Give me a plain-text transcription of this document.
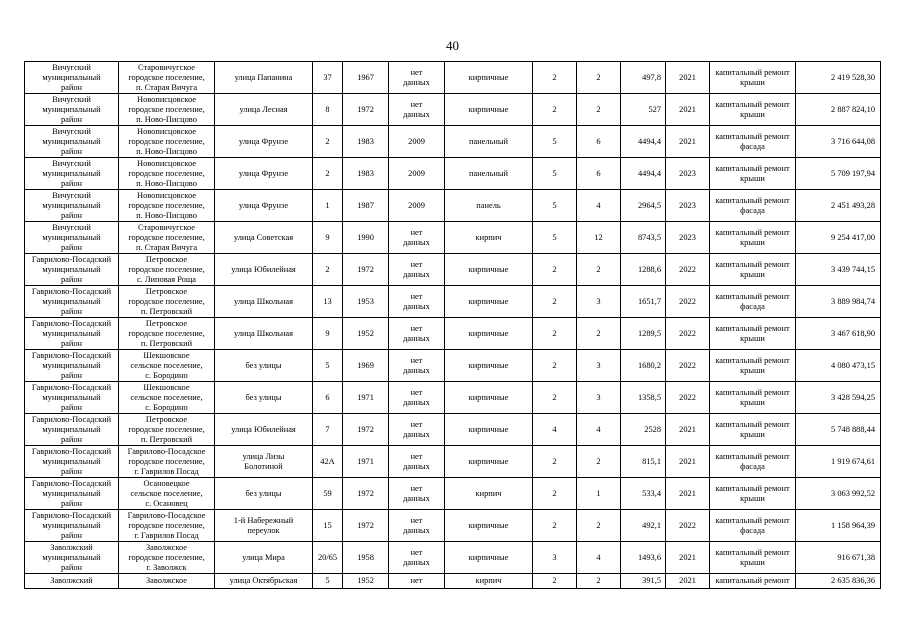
40
Вичугский
муниципальный
район	Старовичугское
городское поселение,
п. Старая Вичуга	улица Папанина	37	1967	нет
данных	кирпичные	2	2	497,8	2021	капитальный ремонт
крыши	2 419 528,30

Вичугский
муниципальный
район	Новописцовское
городское поселение,
п. Ново-Писцово	улица Лесная	8	1972	нет
данных	кирпичные	2	2	527	2021	капитальный ремонт
крыши	2 887 824,10

Вичугский
муниципальный
район	Новописцовское
городское поселение,
п. Ново-Писцово	улица Фрунзе	2	1983	2009	панельный	5	6	4494,4	2021	капитальный ремонт
фасада	3 716 644,08

Вичугский
муниципальный
район	Новописцовское
городское поселение,
п. Ново-Писцово	улица Фрунзе	2	1983	2009	панельный	5	6	4494,4	2023	капитальный ремонт
крыши	5 709 197,94

Вичугский
муниципальный
район	Новописцовское
городское поселение,
п. Ново-Писцово	улица Фрунзе	1	1987	2009	панель	5	4	2964,5	2023	капитальный ремонт
фасада	2 451 493,28

Вичугский
муниципальный
район	Старовичугское
городское поселение,
п. Старая Вичуга	улица Советская	9	1990	нет
данных	кирпич	5	12	8743,5	2023	капитальный ремонт
крыши	9 254 417,00

Гаврилово-Посадский
муниципальный
район	Петровское
городское поселение,
с. Липовая Роща	улица Юбилейная	2	1972	нет
данных	кирпичные	2	2	1288,6	2022	капитальный ремонт
крыши	3 439 744,15

Гаврилово-Посадский
муниципальный
район	Петровское
городское поселение,
п. Петровский	улица Школьная	13	1953	нет
данных	кирпичные	2	3	1651,7	2022	капитальный ремонт
фасада	3 889 984,74

Гаврилово-Посадский
муниципальный
район	Петровское
городское поселение,
п. Петровский	улица Школьная	9	1952	нет
данных	кирпичные	2	2	1289,5	2022	капитальный ремонт
крыши	3 467 618,90

Гаврилово-Посадский
муниципальный
район	Шекшовское
сельское поселение,
с. Бородино	без улицы	5	1969	нет
данных	кирпичные	2	3	1680,2	2022	капитальный ремонт
крыши	4 080 473,15

Гаврилово-Посадский
муниципальный
район	Шекшовское
сельское поселение,
с. Бородино	без улицы	6	1971	нет
данных	кирпичные	2	3	1358,5	2022	капитальный ремонт
крыши	3 428 594,25

Гаврилово-Посадский
муниципальный
район	Петровское
городское поселение,
п. Петровский	улица Юбилейная	7	1972	нет
данных	кирпичные	4	4	2528	2021	капитальный ремонт
крыши	5 748 888,44

Гаврилово-Посадский
муниципальный
район	Гаврилово-Посадское
городское поселение,
г. Гаврилов Посад	улица Лизы
Болотиной	42А	1971	нет
данных	кирпичные	2	2	815,1	2021	капитальный ремонт
фасада	1 919 674,61

Гаврилово-Посадский
муниципальный
район	Осановецкое
сельское поселение,
с. Осановец	без улицы	59	1972	нет
данных	кирпич	2	1	533,4	2021	капитальный ремонт
крыши	3 063 992,52

Гаврилово-Посадский
муниципальный
район	Гаврилово-Посадское
городское поселение,
г. Гаврилов Посад	1-й Набережный
переулок	15	1972	нет
данных	кирпичные	2	2	492,1	2022	капитальный ремонт
фасада	1 158 964,39

Заволжский
муниципальный
район	Заволжское
городское поселение,
г. Заволжск	улица Мира	20/65	1958	нет
данных	кирпичные	3	4	1493,6	2021	капитальный ремонт
крыши	916 671,38

Заволжский	Заволжское	улица Октябрьская	5	1952	нет	кирпич	2	2	391,5	2021	капитальный ремонт	2 635 836,36
